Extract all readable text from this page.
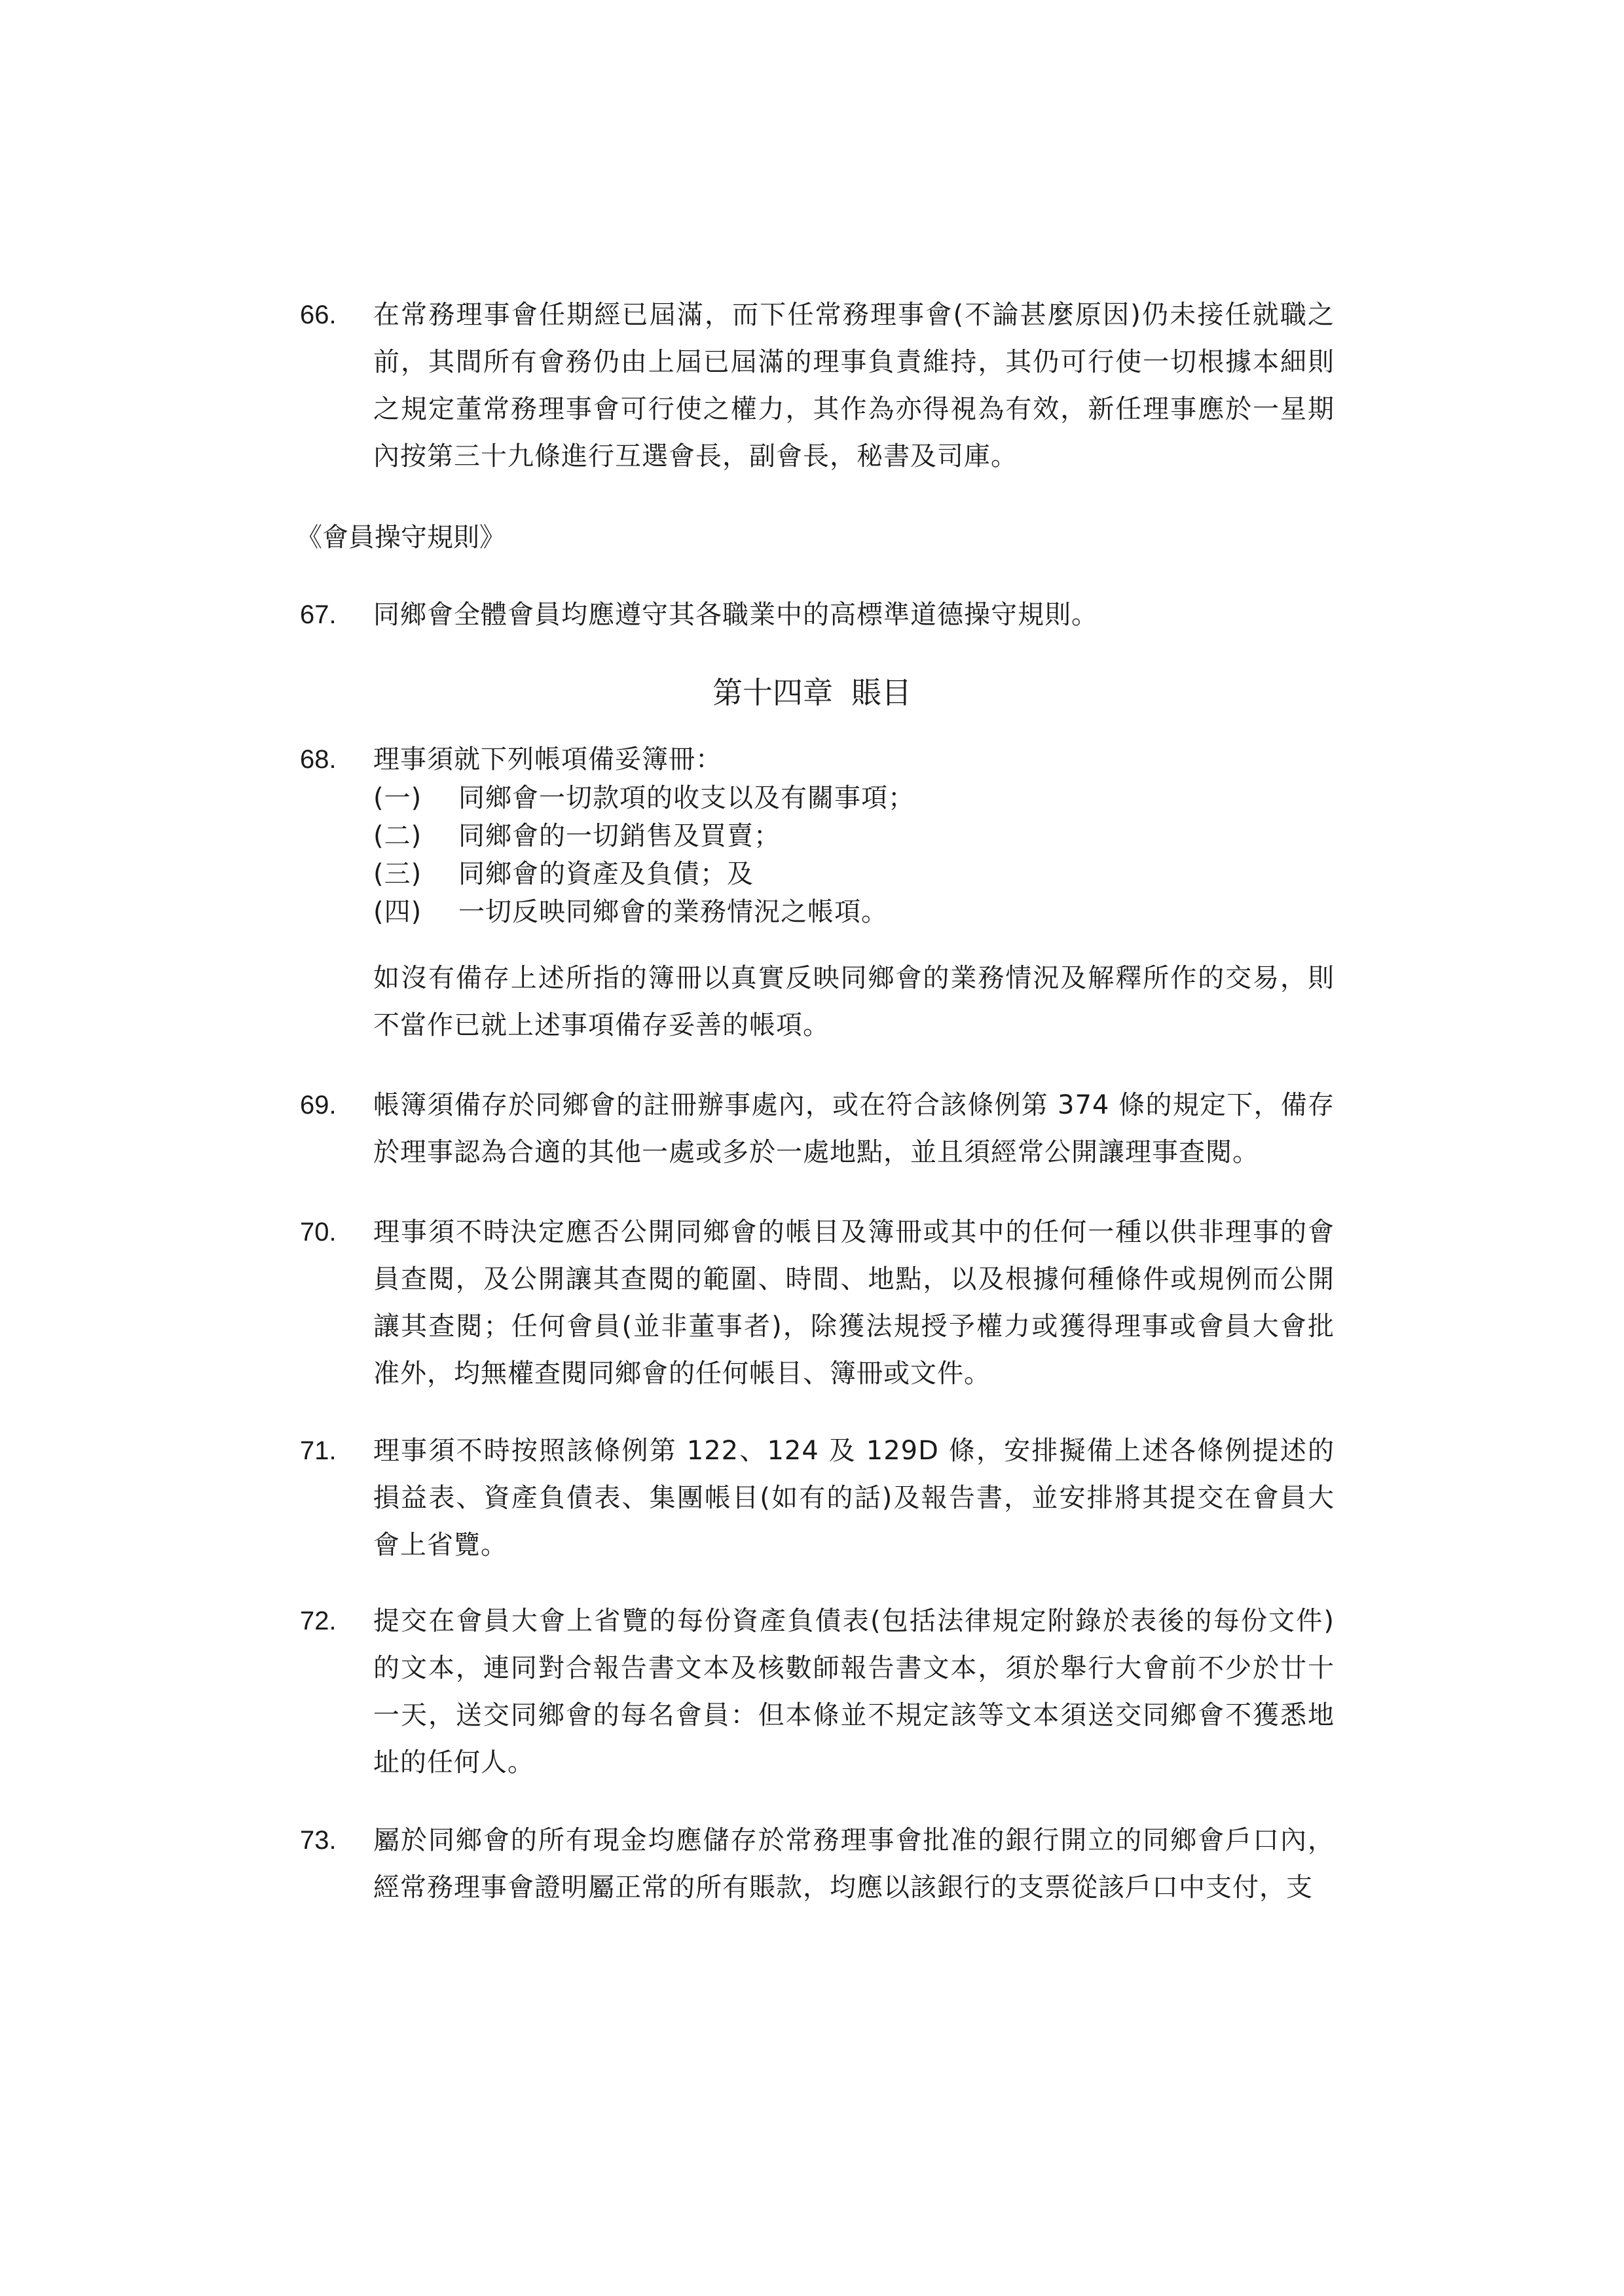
66.	在常務理事會任期經已屆滿，而下任常務理事會(不論甚麼原因)仍未接任就職之前，其間所有會務仍由上屆已屆滿的理事負責維持，其仍可行使一切根據本細則之規定董常務理事會可行使之權力，其作為亦得視為有效，新任理事應於一星期內按第三十九條進行互選會長，副會長，秘書及司庫。
《會員操守規則》
67.	同鄉會全體會員均應遵守其各職業中的高標準道德操守規則。
第十四章 賬目
68.	理事須就下列帳項備妥簿冊：
(一)	同鄉會一切款項的收支以及有關事項；
(二)	同鄉會的一切銷售及買賣；
(三)	同鄉會的資產及負債；及
(四)	一切反映同鄉會的業務情況之帳項。
如沒有備存上述所指的簿冊以真實反映同鄉會的業務情況及解釋所作的交易，則不當作已就上述事項備存妥善的帳項。
69.	帳簿須備存於同鄉會的註冊辦事處內，或在符合該條例第 374 條的規定下，備存於理事認為合適的其他一處或多於一處地點，並且須經常公開讓理事查閱。
70.	理事須不時決定應否公開同鄉會的帳目及簿冊或其中的任何一種以供非理事的會員查閱，及公開讓其查閱的範圍、時間、地點，以及根據何種條件或規例而公開讓其查閱；任何會員(並非董事者)，除獲法規授予權力或獲得理事或會員大會批准外，均無權查閱同鄉會的任何帳目、簿冊或文件。
71.	理事須不時按照該條例第 122、124 及 129D 條，安排擬備上述各條例提述的損益表、資產負債表、集團帳目(如有的話)及報告書，並安排將其提交在會員大會上省覽。
72.	提交在會員大會上省覽的每份資產負債表(包括法律規定附錄於表後的每份文件)的文本，連同對合報告書文本及核數師報告書文本，須於舉行大會前不少於廿十一天，送交同鄉會的每名會員：但本條並不規定該等文本須送交同鄉會不獲悉地址的任何人。
73.	屬於同鄉會的所有現金均應儲存於常務理事會批准的銀行開立的同鄉會戶口內，經常務理事會證明屬正常的所有賬款，均應以該銀行的支票從該戶口中支付，支
